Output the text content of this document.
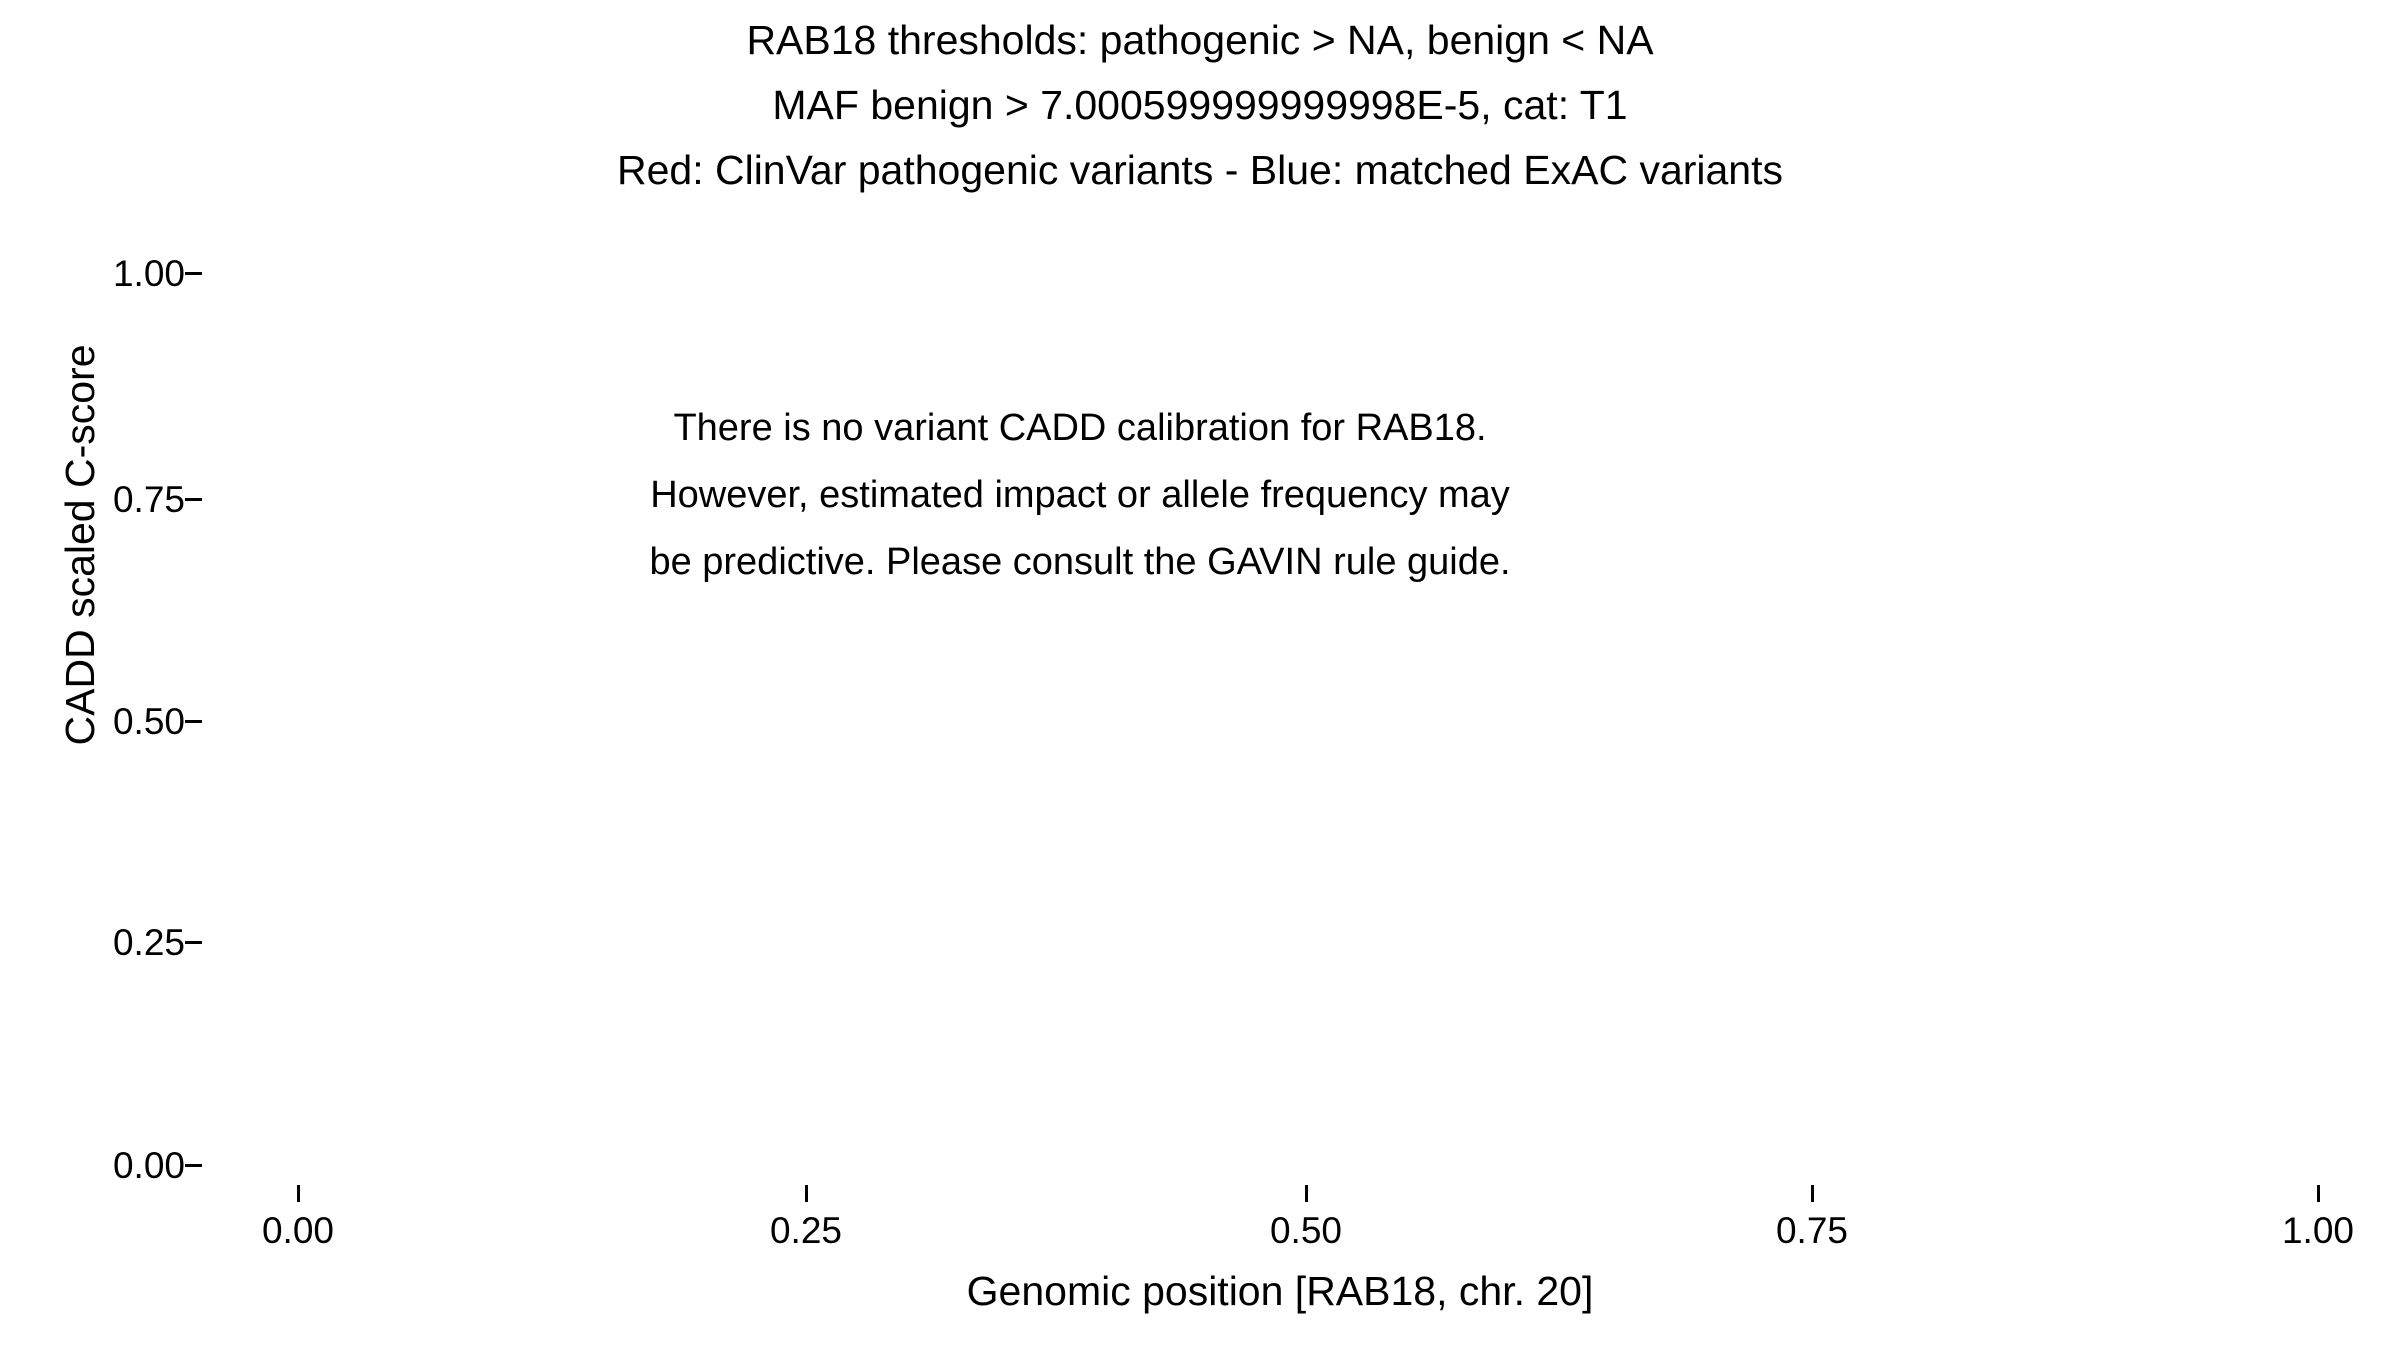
RAB18 thresholds: pathogenic > NA, benign < NA
MAF benign > 7.000599999999998E-5, cat: T1
Red: ClinVar pathogenic variants - Blue: matched ExAC variants
There is no variant CADD calibration for RAB18.
However, estimated impact or allele frequency may
be predictive. Please consult the GAVIN rule guide.
1.00
0.75
0.50
0.25
0.00
0.00	0.25	0.50	0.75	1.00
CADD scaled C-score
Genomic position [RAB18, chr. 20]
